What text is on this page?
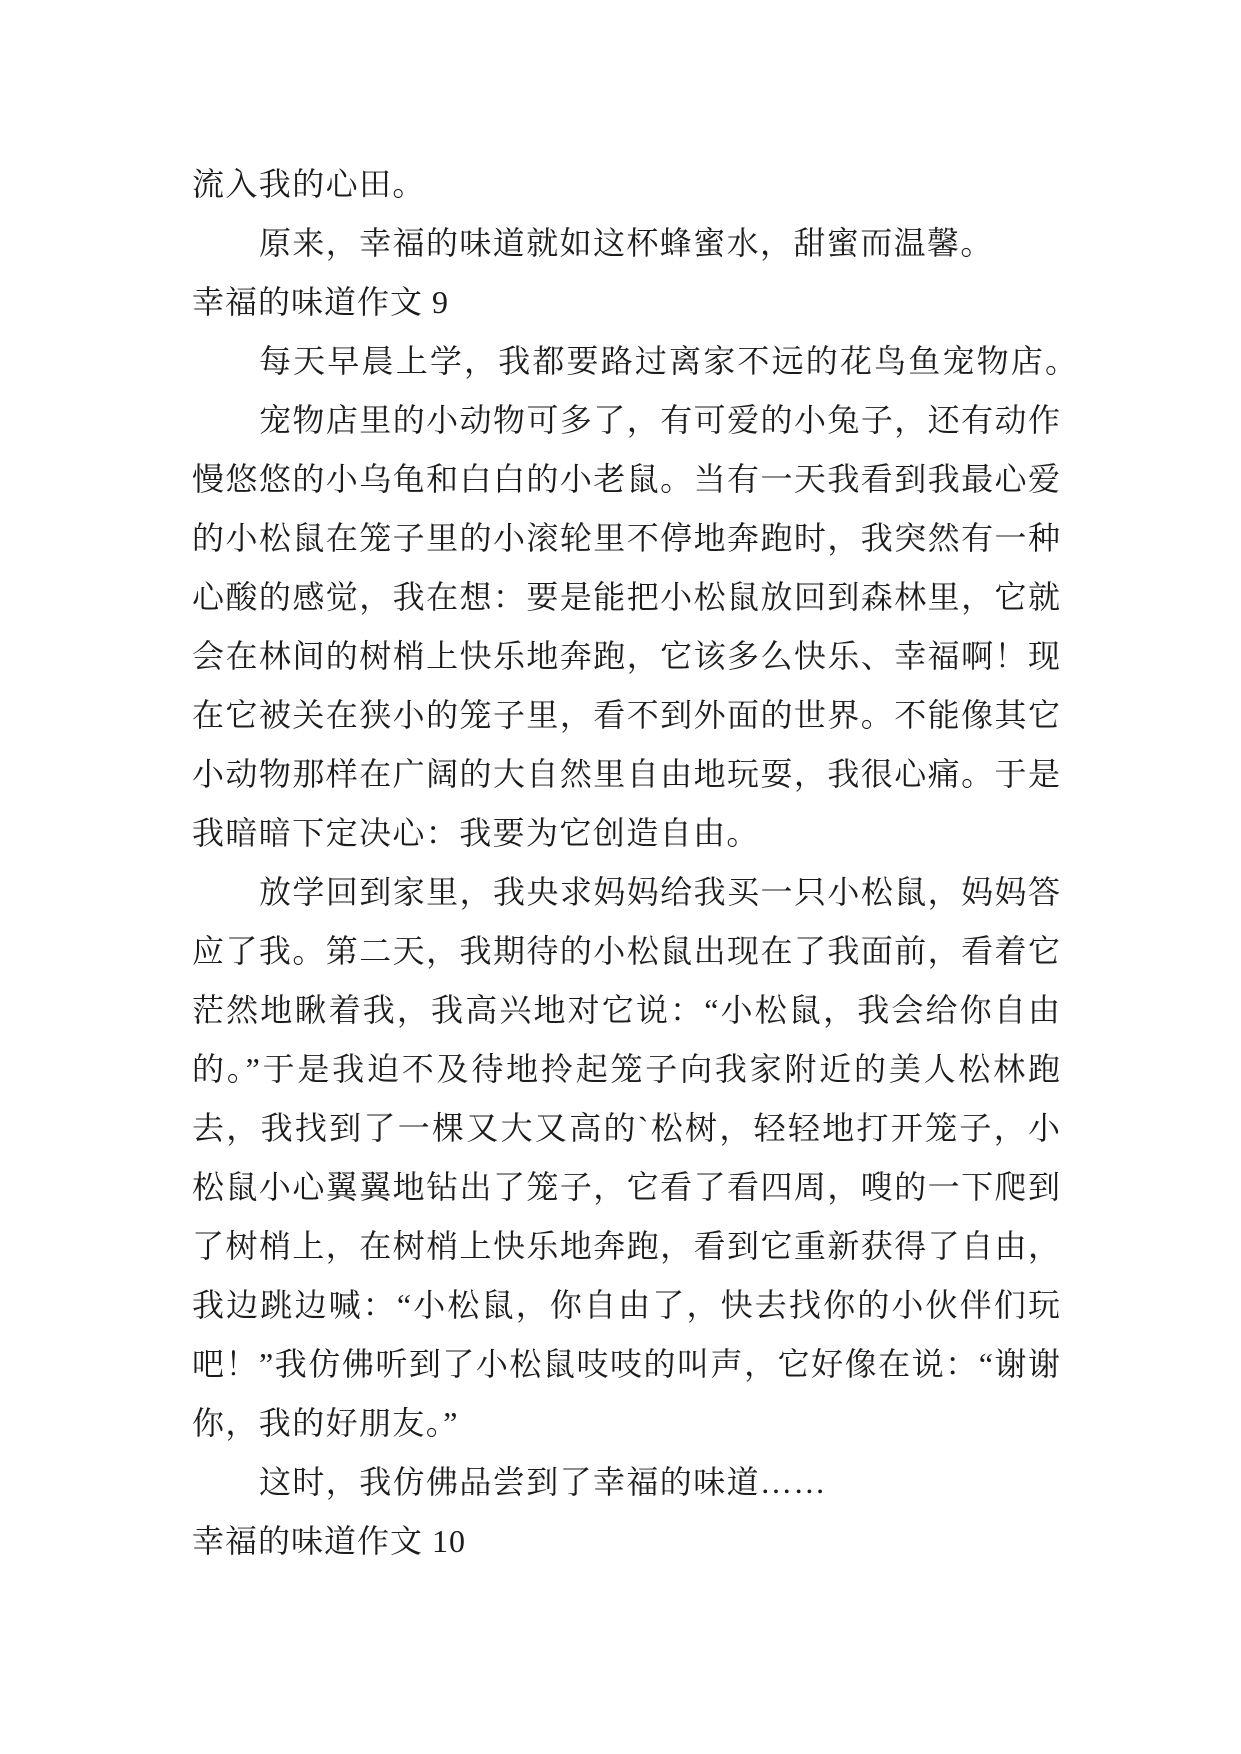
流入我的心田。
原来，幸福的味道就如这杯蜂蜜水，甜蜜而温馨。
幸福的味道作文 9
每天早晨上学，我都要路过离家不远的花鸟鱼宠物店。
宠物店里的小动物可多了，有可爱的小兔子，还有动作
慢悠悠的小乌龟和白白的小老鼠。当有一天我看到我最心爱
的小松鼠在笼子里的小滚轮里不停地奔跑时，我突然有一种
心酸的感觉，我在想：要是能把小松鼠放回到森林里，它就
会在林间的树梢上快乐地奔跑，它该多么快乐、幸福啊！现
在它被关在狭小的笼子里，看不到外面的世界。不能像其它
小动物那样在广阔的大自然里自由地玩耍，我很心痛。于是
我暗暗下定决心：我要为它创造自由。
放学回到家里，我央求妈妈给我买一只小松鼠，妈妈答
应了我。第二天，我期待的小松鼠出现在了我面前，看着它
茫然地瞅着我，我高兴地对它说：“小松鼠，我会给你自由
的。”于是我迫不及待地拎起笼子向我家附近的美人松林跑
去，我找到了一棵又大又高的`松树，轻轻地打开笼子，小
松鼠小心翼翼地钻出了笼子，它看了看四周，嗖的一下爬到
了树梢上，在树梢上快乐地奔跑，看到它重新获得了自由，
我边跳边喊：“小松鼠，你自由了，快去找你的小伙伴们玩
吧！”我仿佛听到了小松鼠吱吱的叫声，它好像在说：“谢谢
你，我的好朋友。”
这时，我仿佛品尝到了幸福的味道……
幸福的味道作文 10
